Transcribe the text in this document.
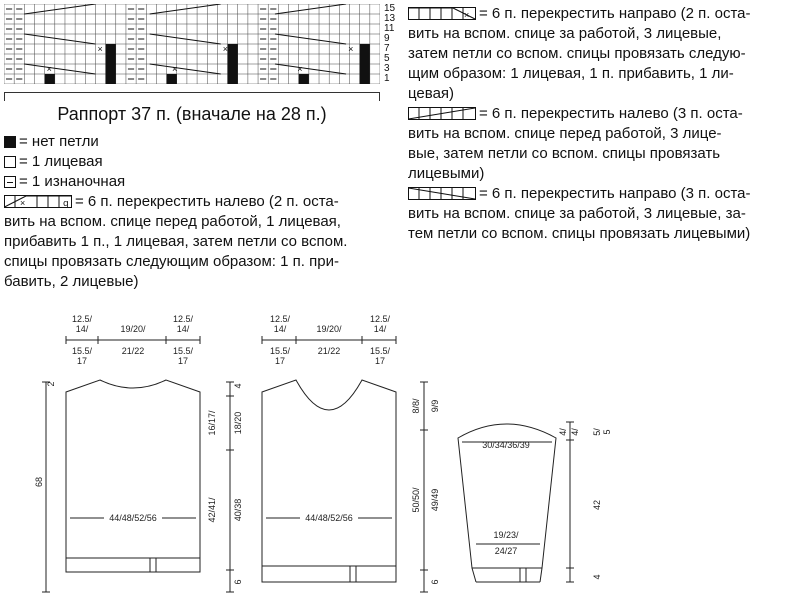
×
×
×
×
×
×
15
13
11
9
7
5
3
1
Раппорт 37 п. (вначале на 28 п.)
= нет петли
= 1 лицевая
= 1 изнаночная
×	ꝗ = 6 п. перекрестить налево (2 п. оста-
вить на вспом. спице перед работой, 1 лицевая,
прибавить 1 п., 1 лицевая, затем петли со вспом.
спицы провязать следующим образом: 1 п. при-
бавить, 2 лицевые)
× = 6 п. перекрестить направо (2 п. оста-
вить на вспом. спице за работой, 3 лицевые,
затем петли со вспом. спицы провязать следую-
щим образом: 1 лицевая, 1 п. прибавить, 1 ли-
цевая)
= 6 п. перекрестить налево (3 п. оста-
вить на вспом. спице перед работой, 3 лице-
вые, затем петли со вспом. спицы провязать
лицевыми)
= 6 п. перекрестить направо (3 п. оста-
вить на вспом. спице за работой, 3 лицевые, за-
тем петли со вспом. спицы провязать лицевыми)
12.5/
14/	19/20/
12.5/
14/
15.5/
17
21/22	15.5/
17
44/48/52/56
68
2
12.5/
14/	19/20/
12.5/
14/
15.5/
17
21/22	15.5/
17
44/48/52/56
4
16/17/ 18/20
42/41/ 40/38
6
8/8/ 9/9
50/50/ 49/49
6
30/34/36/39
19/23/
24/27
4/ 4/ 5/ 5
42
4
